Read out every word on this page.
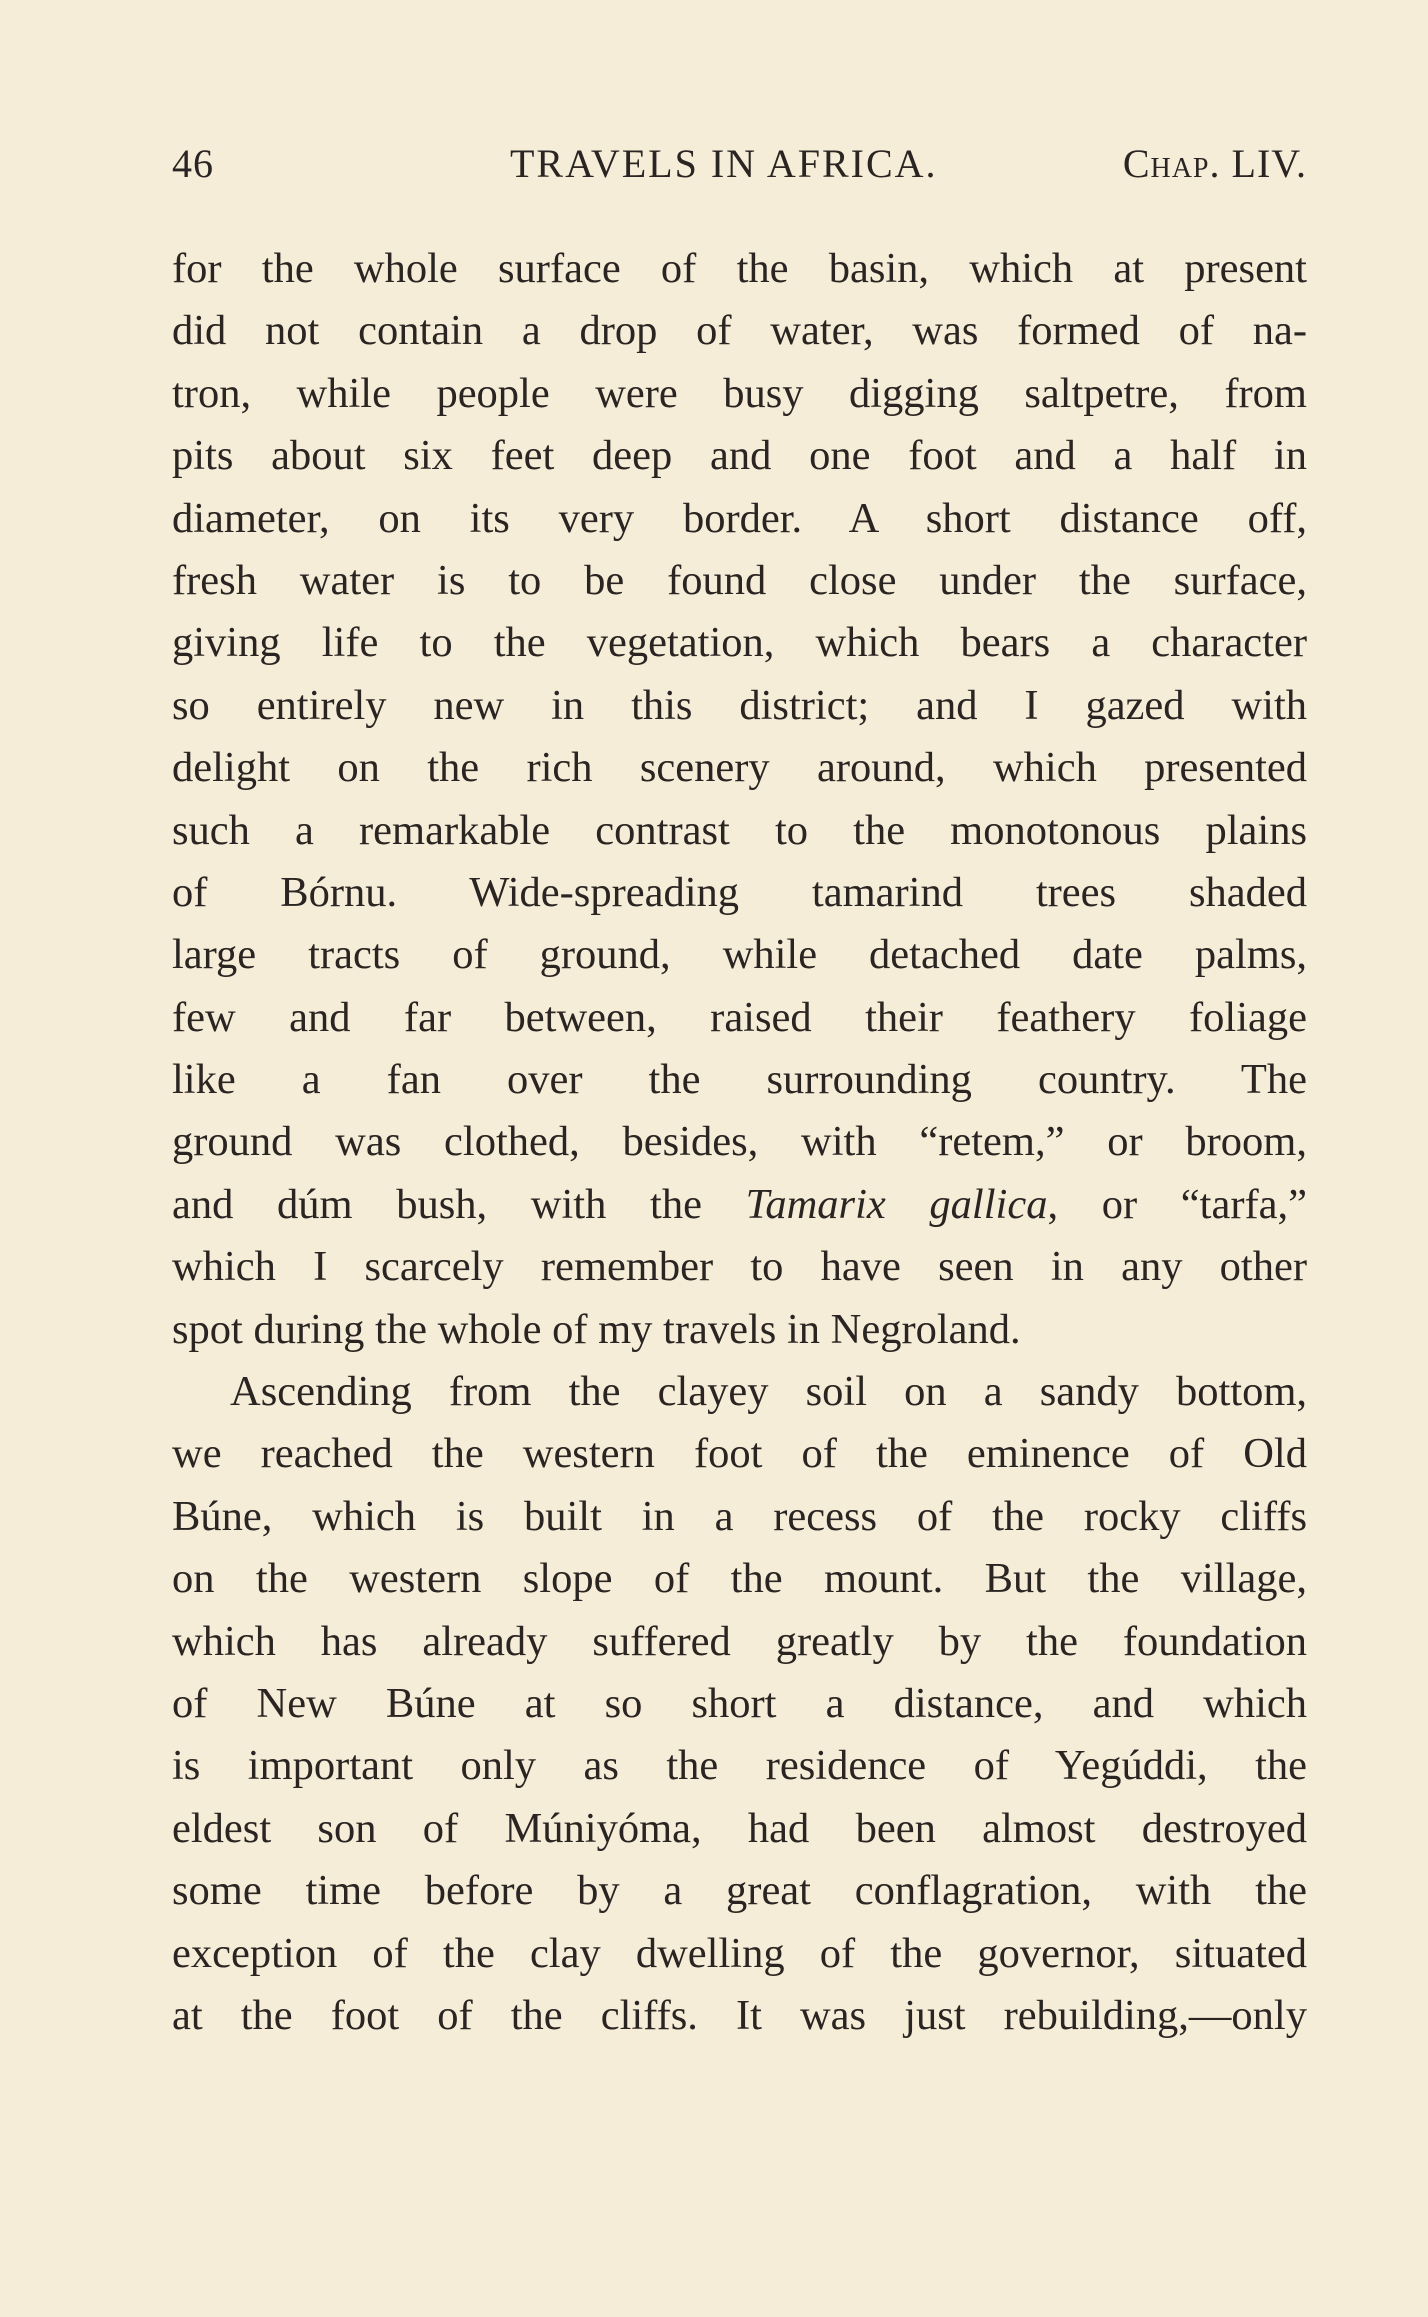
46	TRAVELS IN AFRICA.	Chap. LIV.
for the whole surface of the basin, which at present
did not contain a drop of water, was formed of na-
tron, while people were busy digging saltpetre, from
pits about six feet deep and one foot and a half in
diameter, on its very border. A short distance off,
fresh water is to be found close under the surface,
giving life to the vegetation, which bears a character
so entirely new in this district; and I gazed with
delight on the rich scenery around, which presented
such a remarkable contrast to the monotonous plains
of Bórnu. Wide-spreading tamarind trees shaded
large tracts of ground, while detached date palms,
few and far between, raised their feathery foliage
like a fan over the surrounding country. The
ground was clothed, besides, with “retem,” or broom,
and dúm bush, with the Tamarix gallica, or “tarfa,”
which I scarcely remember to have seen in any other
spot during the whole of my travels in Negroland.
Ascending from the clayey soil on a sandy bottom,
we reached the western foot of the eminence of Old
Búne, which is built in a recess of the rocky cliffs
on the western slope of the mount. But the village,
which has already suffered greatly by the foundation
of New Búne at so short a distance, and which
is important only as the residence of Yegúddi, the
eldest son of Múniyóma, had been almost destroyed
some time before by a great conflagration, with the
exception of the clay dwelling of the governor, situated
at the foot of the cliffs. It was just rebuilding,—only
